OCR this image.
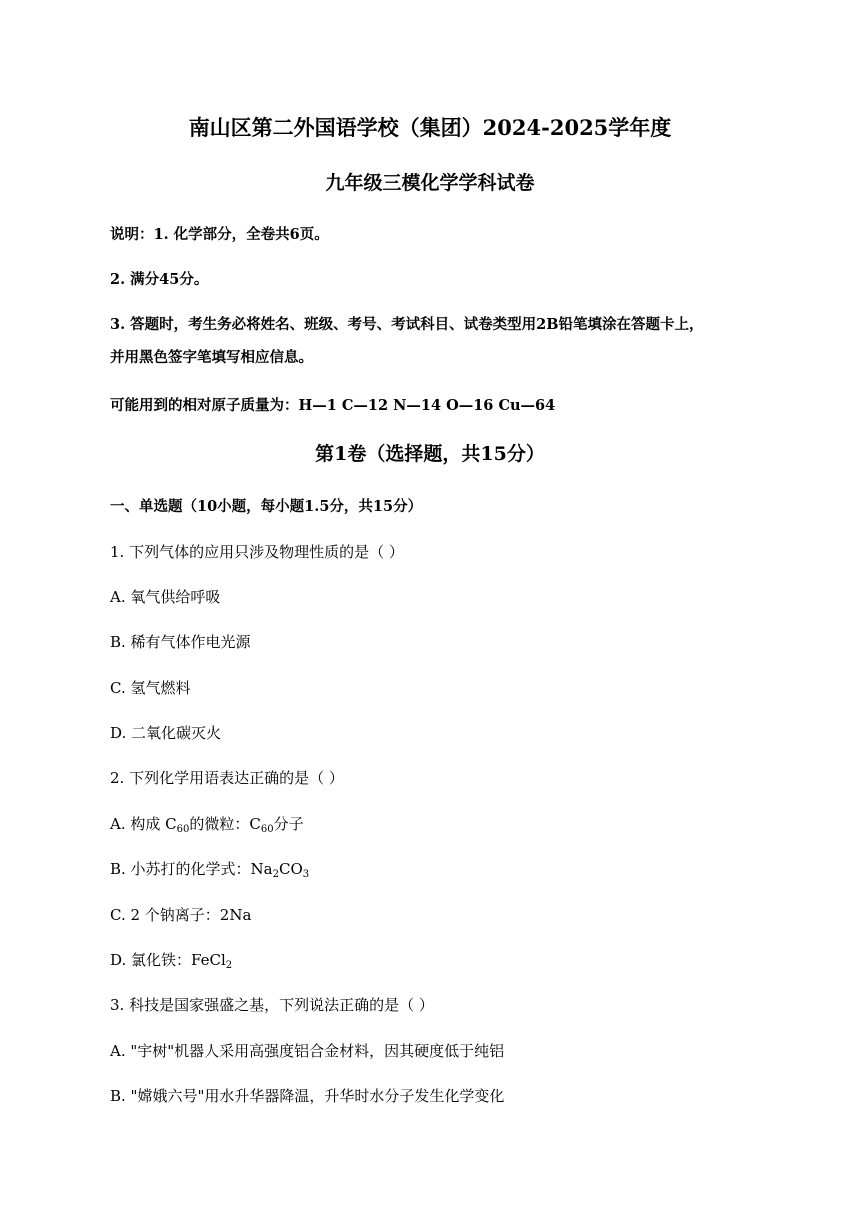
南山区第二外国语学校（集团）2024-2025学年度
九年级三模化学学科试卷
说明：1. 化学部分，全卷共6页。
2. 满分45分。
3. 答题时，考生务必将姓名、班级、考号、考试科目、试卷类型用2B铅笔填涂在答题卡上，
并用黑色签字笔填写相应信息。
可能用到的相对原子质量为：H—1 C—12 N—14 O—16 Cu—64
第1卷（选择题，共15分）
一、单选题（10小题，每小题1.5分，共15分）
1. 下列气体的应用只涉及物理性质的是（ ）
A. 氧气供给呼吸
B. 稀有气体作电光源
C. 氢气燃料
D. 二氧化碳灭火
2. 下列化学用语表达正确的是（ ）
A. 构成 $C_{60}$的微粒：$C_{60}$分子
B. 小苏打的化学式：$Na_2CO_3$
C. 2 个钠离子：2Na
D. 氯化铁：FeCl$_2$
3. 科技是国家强盛之基，下列说法正确的是（ ）
A. "宇树"机器人采用高强度铝合金材料，因其硬度低于纯铝
B. "嫦娥六号"用水升华器降温，升华时水分子发生化学变化
